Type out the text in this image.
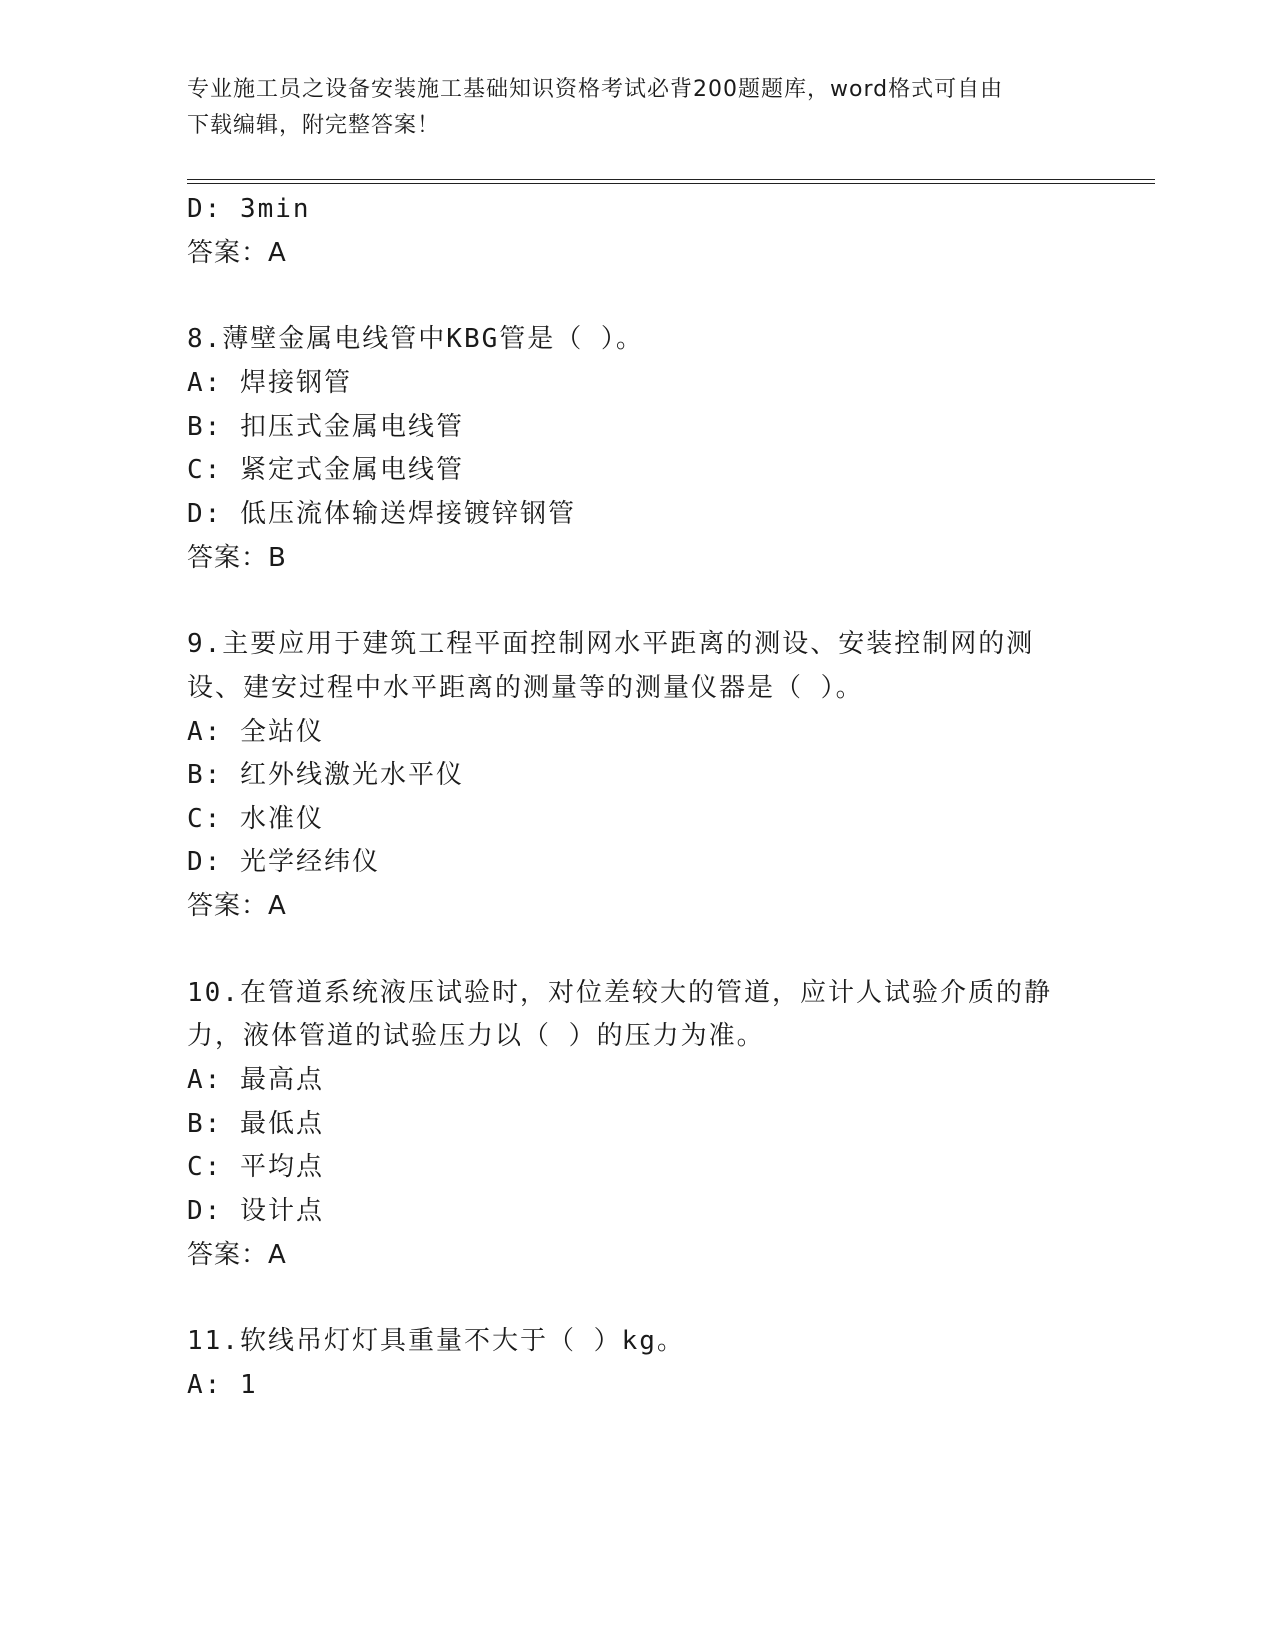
专业施工员之设备安装施工基础知识资格考试必背200题题库，word格式可自由
下载编辑，附完整答案！
D: 3min
答案：A
8.薄壁金属电线管中KBG管是（ ）。
A: 焊接钢管
B: 扣压式金属电线管
C: 紧定式金属电线管
D: 低压流体输送焊接镀锌钢管
答案：B
9.主要应用于建筑工程平面控制网水平距离的测设、安装控制网的测
设、建安过程中水平距离的测量等的测量仪器是（ ）。
A: 全站仪
B: 红外线激光水平仪
C: 水准仪
D: 光学经纬仪
答案：A
10.在管道系统液压试验时，对位差较大的管道，应计人试验介质的静
力，液体管道的试验压力以（ ）的压力为准。
A: 最高点
B: 最低点
C: 平均点
D: 设计点
答案：A
11.软线吊灯灯具重量不大于（ ）kg。
A: 1
